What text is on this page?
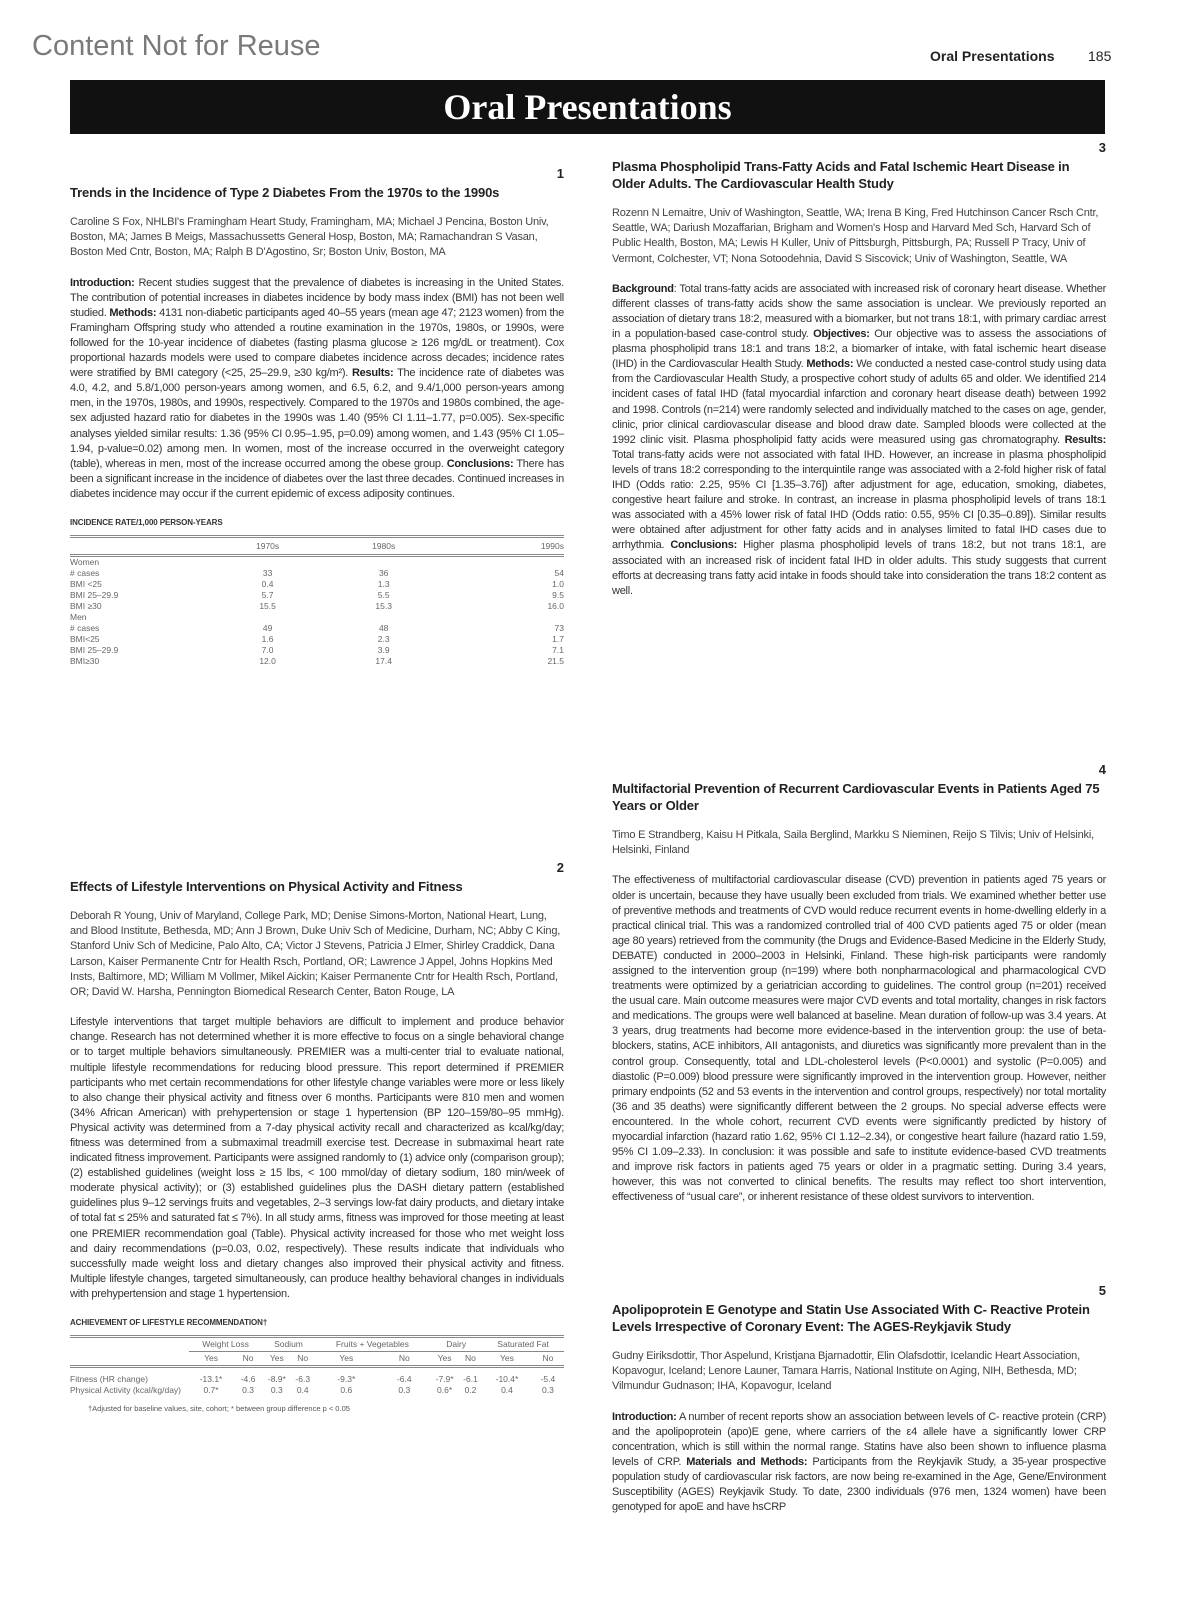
Content Not for Reuse	Oral Presentations 185
Oral Presentations
1
Trends in the Incidence of Type 2 Diabetes From the 1970s to the 1990s
Caroline S Fox, NHLBI's Framingham Heart Study, Framingham, MA; Michael J Pencina, Boston Univ, Boston, MA; James B Meigs, Massachussetts General Hosp, Boston, MA; Ramachandran S Vasan, Boston Med Cntr, Boston, MA; Ralph B D'Agostino, Sr; Boston Univ, Boston, MA
Introduction: Recent studies suggest that the prevalence of diabetes is increasing in the United States. The contribution of potential increases in diabetes incidence by body mass index (BMI) has not been well studied. Methods: 4131 non-diabetic participants aged 40–55 years (mean age 47; 2123 women) from the Framingham Offspring study who attended a routine examination in the 1970s, 1980s, or 1990s, were followed for the 10-year incidence of diabetes (fasting plasma glucose ≥ 126 mg/dL or treatment). Cox proportional hazards models were used to compare diabetes incidence across decades; incidence rates were stratified by BMI category (<25, 25–29.9, ≥30 kg/m²). Results: The incidence rate of diabetes was 4.0, 4.2, and 5.8/1,000 person-years among women, and 6.5, 6.2, and 9.4/1,000 person-years among men, in the 1970s, 1980s, and 1990s, respectively. Compared to the 1970s and 1980s combined, the age-sex adjusted hazard ratio for diabetes in the 1990s was 1.40 (95% CI 1.11–1.77, p=0.005). Sex-specific analyses yielded similar results: 1.36 (95% CI 0.95–1.95, p=0.09) among women, and 1.43 (95% CI 1.05–1.94, p-value=0.02) among men. In women, most of the increase occurred in the overweight category (table), whereas in men, most of the increase occurred among the obese group. Conclusions: There has been a significant increase in the incidence of diabetes over the last three decades. Continued increases in diabetes incidence may occur if the current epidemic of excess adiposity continues.
INCIDENCE RATE/1,000 PERSON-YEARS
	1970s	1980s	1990s
Women			
# cases	33	36	54
BMI <25	0.4	1.3	1.0
BMI 25–29.9	5.7	5.5	9.5
BMI ≥30	15.5	15.3	16.0
Men			
# cases	49	48	73
BMI<25	1.6	2.3	1.7
BMI 25–29.9	7.0	3.9	7.1
BMI≥30	12.0	17.4	21.5
2
Effects of Lifestyle Interventions on Physical Activity and Fitness
Deborah R Young, Univ of Maryland, College Park, MD; Denise Simons-Morton, National Heart, Lung, and Blood Institute, Bethesda, MD; Ann J Brown, Duke Univ Sch of Medicine, Durham, NC; Abby C King, Stanford Univ Sch of Medicine, Palo Alto, CA; Victor J Stevens, Patricia J Elmer, Shirley Craddick, Dana Larson, Kaiser Permanente Cntr for Health Rsch, Portland, OR; Lawrence J Appel, Johns Hopkins Med Insts, Baltimore, MD; William M Vollmer, Mikel Aickin; Kaiser Permanente Cntr for Health Rsch, Portland, OR; David W. Harsha, Pennington Biomedical Research Center, Baton Rouge, LA
Lifestyle interventions that target multiple behaviors are difficult to implement and produce behavior change. Research has not determined whether it is more effective to focus on a single behavioral change or to target multiple behaviors simultaneously. PREMIER was a multi-center trial to evaluate national, multiple lifestyle recommendations for reducing blood pressure. This report determined if PREMIER participants who met certain recommendations for other lifestyle change variables were more or less likely to also change their physical activity and fitness over 6 months. Participants were 810 men and women (34% African American) with prehypertension or stage 1 hypertension (BP 120–159/80–95 mmHg). Physical activity was determined from a 7-day physical activity recall and characterized as kcal/kg/day; fitness was determined from a submaximal treadmill exercise test. Decrease in submaximal heart rate indicated fitness improvement. Participants were assigned randomly to (1) advice only (comparison group); (2) established guidelines (weight loss ≥ 15 lbs, < 100 mmol/day of dietary sodium, 180 min/week of moderate physical activity); or (3) established guidelines plus the DASH dietary pattern (established guidelines plus 9–12 servings fruits and vegetables, 2–3 servings low-fat dairy products, and dietary intake of total fat ≤ 25% and saturated fat ≤ 7%). In all study arms, fitness was improved for those meeting at least one PREMIER recommendation goal (Table). Physical activity increased for those who met weight loss and dairy recommendations (p=0.03, 0.02, respectively). These results indicate that individuals who successfully made weight loss and dietary changes also improved their physical activity and fitness. Multiple lifestyle changes, targeted simultaneously, can produce healthy behavioral changes in individuals with prehypertension and stage 1 hypertension.
ACHIEVEMENT OF LIFESTYLE RECOMMENDATION†
	Weight Loss		Sodium		Fruits + Vegetables		Dairy		Saturated Fat	
	Yes	No	Yes	No	Yes	No	Yes	No	Yes	No
Fitness (HR change)	-13.1*	-4.6	-8.9*	-6.3	-9.3*	-6.4	-7.9*	-6.1	-10.4*	-5.4
Physical Activity (kcal/kg/day)	0.7*	0.3	0.3	0.4	0.6	0.3	0.6*	0.2	0.4	0.3
†Adjusted for baseline values, site, cohort; * between group difference p < 0.05
3
Plasma Phospholipid Trans-Fatty Acids and Fatal Ischemic Heart Disease in Older Adults. The Cardiovascular Health Study
Rozenn N Lemaitre, Univ of Washington, Seattle, WA; Irena B King, Fred Hutchinson Cancer Rsch Cntr, Seattle, WA; Dariush Mozaffarian, Brigham and Women's Hosp and Harvard Med Sch, Harvard Sch of Public Health, Boston, MA; Lewis H Kuller, Univ of Pittsburgh, Pittsburgh, PA; Russell P Tracy, Univ of Vermont, Colchester, VT; Nona Sotoodehnia, David S Siscovick; Univ of Washington, Seattle, WA
Background: Total trans-fatty acids are associated with increased risk of coronary heart disease. Whether different classes of trans-fatty acids show the same association is unclear. We previously reported an association of dietary trans 18:2, measured with a biomarker, but not trans 18:1, with primary cardiac arrest in a population-based case-control study. Objectives: Our objective was to assess the associations of plasma phospholipid trans 18:1 and trans 18:2, a biomarker of intake, with fatal ischemic heart disease (IHD) in the Cardiovascular Health Study. Methods: We conducted a nested case-control study using data from the Cardiovascular Health Study, a prospective cohort study of adults 65 and older. We identified 214 incident cases of fatal IHD (fatal myocardial infarction and coronary heart disease death) between 1992 and 1998. Controls (n=214) were randomly selected and individually matched to the cases on age, gender, clinic, prior clinical cardiovascular disease and blood draw date. Sampled bloods were collected at the 1992 clinic visit. Plasma phospholipid fatty acids were measured using gas chromatography. Results: Total trans-fatty acids were not associated with fatal IHD. However, an increase in plasma phospholipid levels of trans 18:2 corresponding to the interquintile range was associated with a 2-fold higher risk of fatal IHD (Odds ratio: 2.25, 95% CI [1.35–3.76]) after adjustment for age, education, smoking, diabetes, congestive heart failure and stroke. In contrast, an increase in plasma phospholipid levels of trans 18:1 was associated with a 45% lower risk of fatal IHD (Odds ratio: 0.55, 95% CI [0.35–0.89]). Similar results were obtained after adjustment for other fatty acids and in analyses limited to fatal IHD cases due to arrhythmia. Conclusions: Higher plasma phospholipid levels of trans 18:2, but not trans 18:1, are associated with an increased risk of incident fatal IHD in older adults. This study suggests that current efforts at decreasing trans fatty acid intake in foods should take into consideration the trans 18:2 content as well.
4
Multifactorial Prevention of Recurrent Cardiovascular Events in Patients Aged 75 Years or Older
Timo E Strandberg, Kaisu H Pitkala, Saila Berglind, Markku S Nieminen, Reijo S Tilvis; Univ of Helsinki, Helsinki, Finland
The effectiveness of multifactorial cardiovascular disease (CVD) prevention in patients aged 75 years or older is uncertain, because they have usually been excluded from trials. We examined whether better use of preventive methods and treatments of CVD would reduce recurrent events in home-dwelling elderly in a practical clinical trial. This was a randomized controlled trial of 400 CVD patients aged 75 or older (mean age 80 years) retrieved from the community (the Drugs and Evidence-Based Medicine in the Elderly Study, DEBATE) conducted in 2000–2003 in Helsinki, Finland. These high-risk participants were randomly assigned to the intervention group (n=199) where both nonpharmacological and pharmacological CVD treatments were optimized by a geriatrician according to guidelines. The control group (n=201) received the usual care. Main outcome measures were major CVD events and total mortality, changes in risk factors and medications. The groups were well balanced at baseline. Mean duration of follow-up was 3.4 years. At 3 years, drug treatments had become more evidence-based in the intervention group: the use of beta-blockers, statins, ACE inhibitors, AII antagonists, and diuretics was significantly more prevalent than in the control group. Consequently, total and LDL-cholesterol levels (P<0.0001) and systolic (P=0.005) and diastolic (P=0.009) blood pressure were significantly improved in the intervention group. However, neither primary endpoints (52 and 53 events in the intervention and control groups, respectively) nor total mortality (36 and 35 deaths) were significantly different between the 2 groups. No special adverse effects were encountered. In the whole cohort, recurrent CVD events were significantly predicted by history of myocardial infarction (hazard ratio 1.62, 95% CI 1.12–2.34), or congestive heart failure (hazard ratio 1.59, 95% CI 1.09–2.33). In conclusion: it was possible and safe to institute evidence-based CVD treatments and improve risk factors in patients aged 75 years or older in a pragmatic setting. During 3.4 years, however, this was not converted to clinical benefits. The results may reflect too short intervention, effectiveness of “usual care”, or inherent resistance of these oldest survivors to intervention.
5
Apolipoprotein E Genotype and Statin Use Associated With C- Reactive Protein Levels Irrespective of Coronary Event: The AGES-Reykjavik Study
Gudny Eiriksdottir, Thor Aspelund, Kristjana Bjarnadottir, Elin Olafsdottir, Icelandic Heart Association, Kopavogur, Iceland; Lenore Launer, Tamara Harris, National Institute on Aging, NIH, Bethesda, MD; Vilmundur Gudnason; IHA, Kopavogur, Iceland
Introduction: A number of recent reports show an association between levels of C- reactive protein (CRP) and the apolipoprotein (apo)E gene, where carriers of the ε4 allele have a significantly lower CRP concentration, which is still within the normal range. Statins have also been shown to influence plasma levels of CRP. Materials and Methods: Participants from the Reykjavik Study, a 35-year prospective population study of cardiovascular risk factors, are now being re-examined in the Age, Gene/Environment Susceptibility (AGES) Reykjavik Study. To date, 2300 individuals (976 men, 1324 women) have been genotyped for apoE and have hsCRP
